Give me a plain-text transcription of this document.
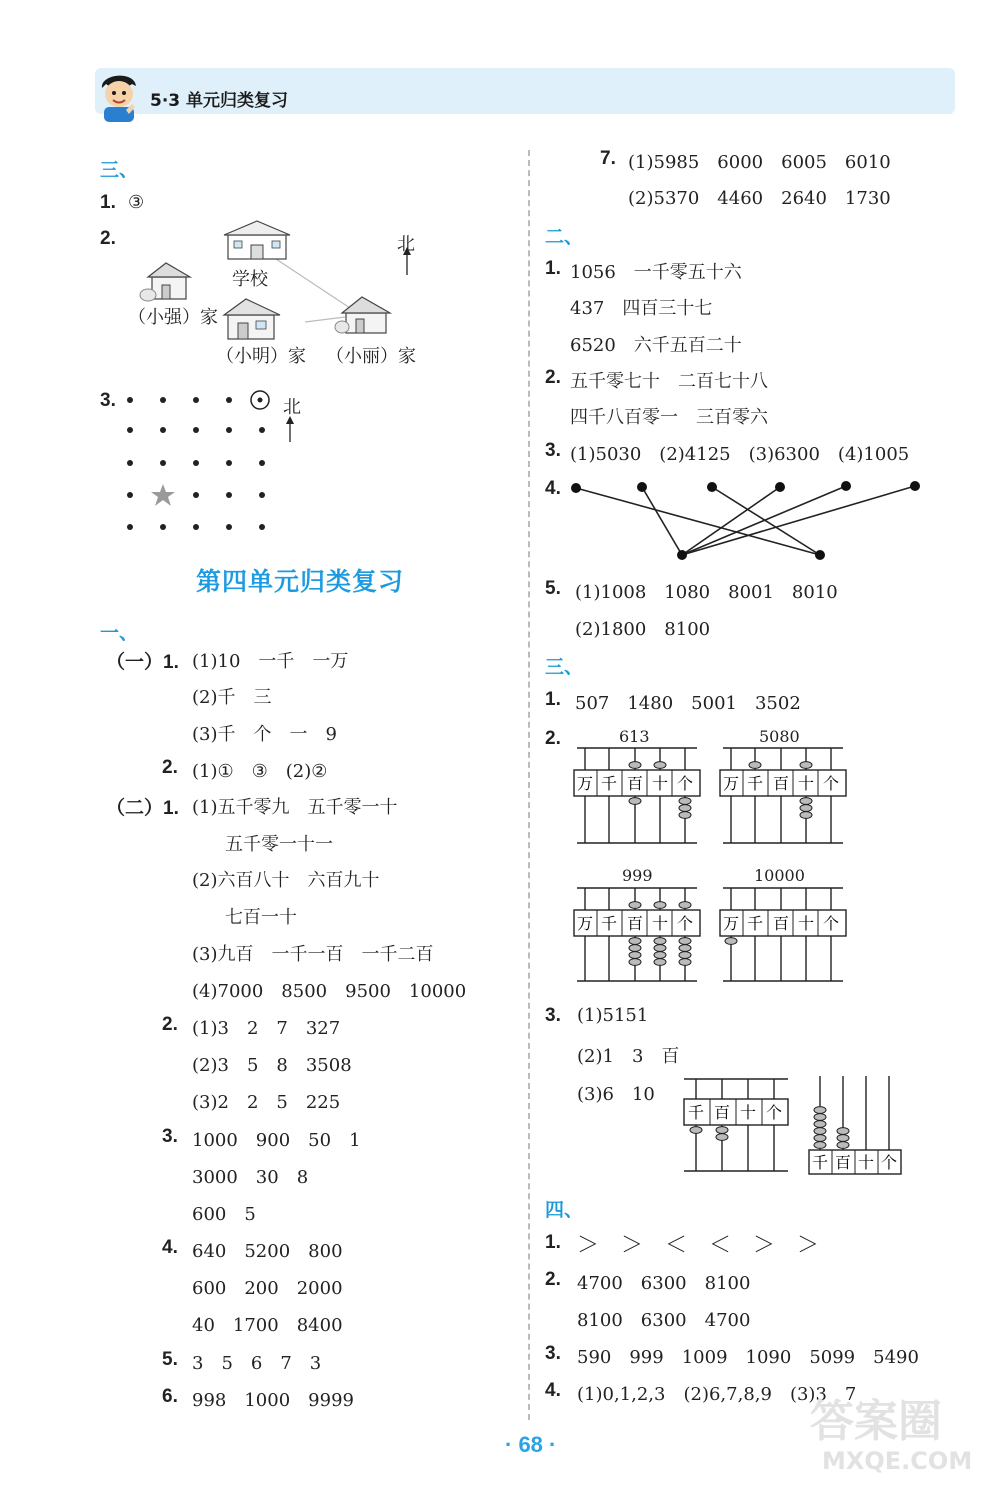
5·3 单元归类复习
三、
1. ③
2.	北
学校
（小强）家
（小明）家 （小丽）家
3.	北
第四单元归类复习
一、
（一）1. (1)10　一千　一万
(2)千　三
(3)千　个　一　9
2. (1)①　③　(2)②
（二）1. (1)五千零九　五千零一十
五千零一十一
(2)六百八十　六百九十
七百一十
(3)九百　一千一百　一千二百
(4)7000　8500　9500　10000
2. (1)3　2　7　327
(2)3　5　8　3508
(3)2　2　5　225
3. 1000　900　50　1
3000　30　8
600　5
4. 640　5200　800
600　200　2000
40　1700　8400
5. 3　5　6　7　3
6. 998　1000　9999
7. (1)5985　6000　6005　6010
(2)5370　4460　2640　1730
二、
1. 1056　一千零五十六
437　四百三十七
6520　六千五百二十
2. 五千零七十　二百七十八
四千八百零一　三百零六
3. (1)5030　(2)4125　(3)6300　(4)1005
4.
5. (1)1008　1080　8001　8010
(2)1800　8100
三、
1. 507　1480　5001　3502
2.	613
万 千 百 十 个
5080
万 千 百 十 个
999
万 千 百 十 个
10000
万 千 百 十 个
3. (1)5151
(2)1　3　百
(3)6　10
千 百 十 个
千 百 十 个
四、
1. ＞　＞　＜　＜　＞　＞
2. 4700　6300　8100
8100　6300　4700
3. 590　999　1009　1090　5099　5490
4. (1)0,1,2,3　(2)6,7,8,9　(3)3　7
· 68 ·	答案圈
MXQE.COM
